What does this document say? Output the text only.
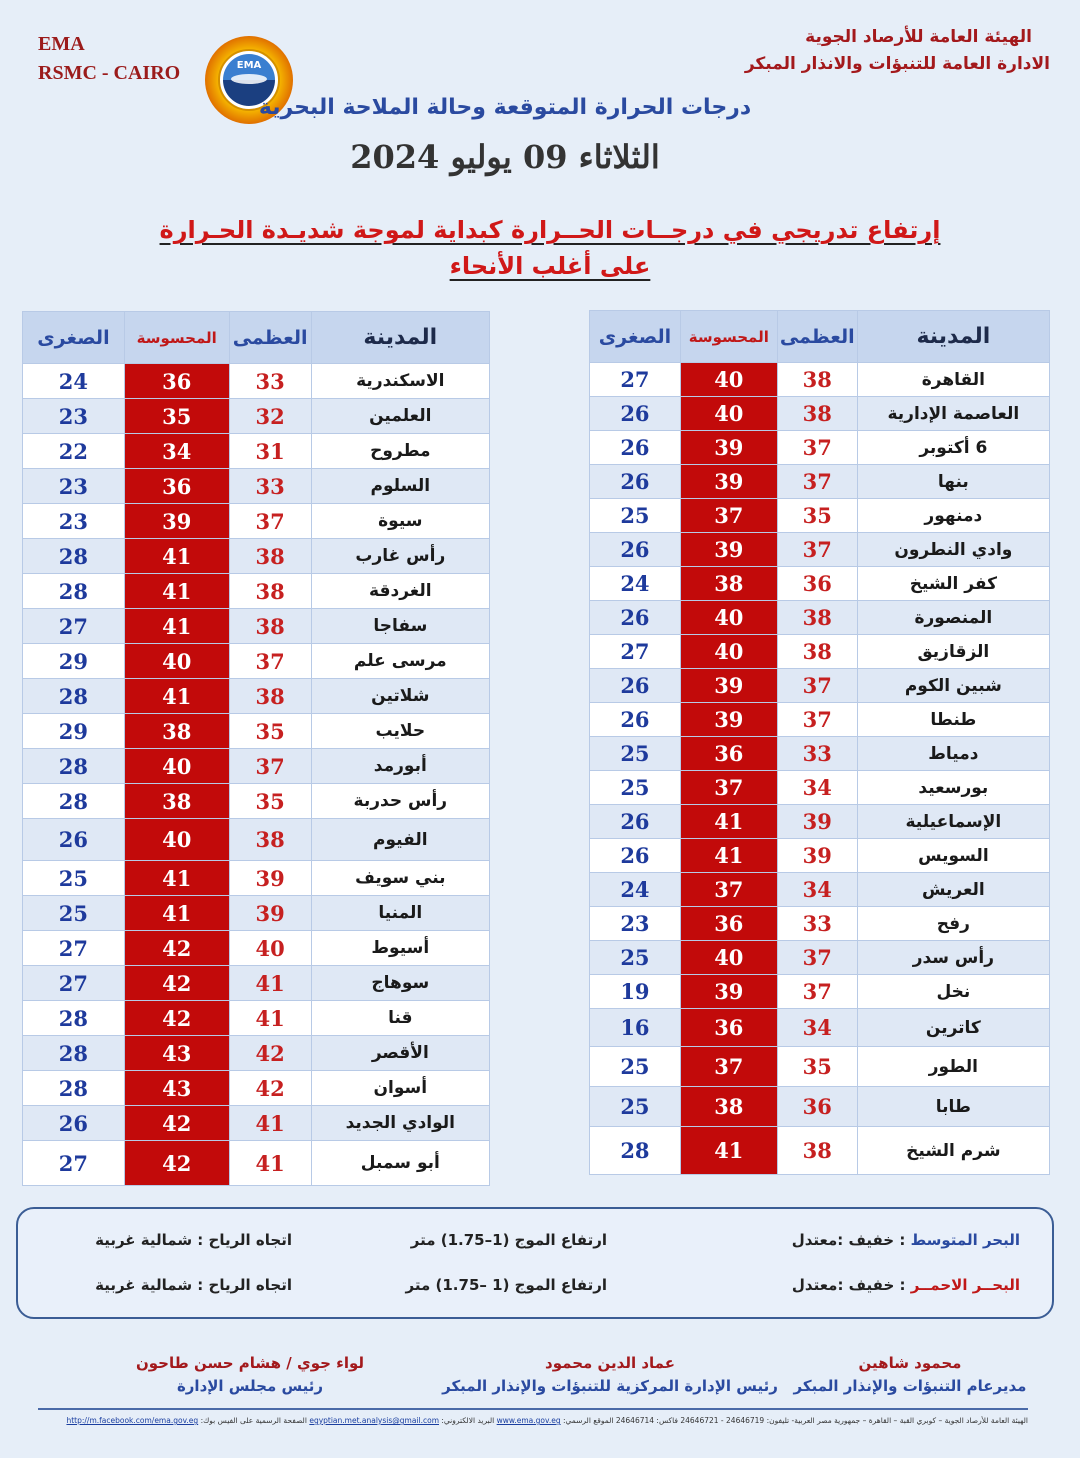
EMA
RSMC - CAIRO	EMA
الهيئة العامة للأرصاد الجوية
الادارة العامة للتنبؤات والانذار المبكر
درجات الحرارة المتوقعة وحالة الملاحة البحرية
الثلاثاء 09 يوليو 2024
إرتفاع تدريجي في درجــات الحــرارة كبداية لموجة شديـدة الحـرارة
على أغلب الأنحاء
المدينة	العظمى	المحسوسة	الصغرى
القاهرة	38	40	27
العاصمة الإدارية	38	40	26
6 أكتوبر	37	39	26
بنها	37	39	26
دمنهور	35	37	25
وادي النطرون	37	39	26
كفر الشيخ	36	38	24
المنصورة	38	40	26
الزقازيق	38	40	27
شبين الكوم	37	39	26
طنطا	37	39	26
دمياط	33	36	25
بورسعيد	34	37	25
الإسماعيلية	39	41	26
السويس	39	41	26
العريش	34	37	24
رفح	33	36	23
رأس سدر	37	40	25
نخل	37	39	19
كاترين	34	36	16
الطور	35	37	25
طابا	36	38	25
شرم الشيخ	38	41	28
المدينة	العظمى	المحسوسة	الصغرى
الاسكندرية	33	36	24
العلمين	32	35	23
مطروح	31	34	22
السلوم	33	36	23
سيوة	37	39	23
رأس غارب	38	41	28
الغردقة	38	41	28
سفاجا	38	41	27
مرسى علم	37	40	29
شلاتين	38	41	28
حلايب	35	38	29
أبورمد	37	40	28
رأس حدربة	35	38	28
الفيوم	38	40	26
بني سويف	39	41	25
المنيا	39	41	25
أسيوط	40	42	27
سوهاج	41	42	27
قنا	41	42	28
الأقصر	42	43	28
أسوان	42	43	28
الوادي الجديد	41	42	26
أبو سمبل	41	42	27
البحر المتوسط : خفيف :معتدل
ارتفاع الموج (1–1.75) متر
اتجاه الرياح : شمالية غربية
البحــر الاحمــر : خفيف :معتدل
ارتفاع الموج (1 –1.75) متر
اتجاه الرياح : شمالية غربية
محمود شاهين
مديرعام التنبؤات والإنذار المبكر
عماد الدين محمود
رئيس الإدارة المركزية للتنبؤات والإنذار المبكر
لواء جوي / هشام حسن طاحون
رئيس مجلس الإدارة
الهيئة العامة للأرصاد الجوية – كوبري القبة – القاهرة – جمهورية مصر العربية- تليفون: 24646719 - 24646721 فاكس: 24646714 الموقع الرسمي: www.ema.gov.eg البريد الالكتروني: egyptian.met.analysis@gmail.com الصفحة الرسمية على الفيس بوك: http://m.facebook.com/ema.gov.eg
